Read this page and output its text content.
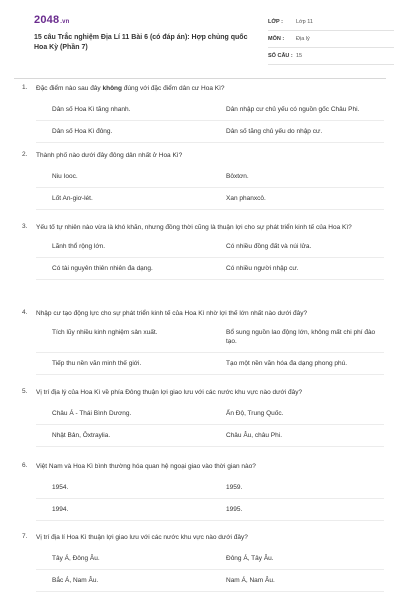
2048.vn
15 câu Trắc nghiệm Địa Lí 11 Bài 6 (có đáp án): Hợp chủng quốc Hoa Kỳ (Phần 7)
LỚP :	Lớp 11
MÔN :	Địa lý
SỐ CÂU : 15
1. Đặc điểm nào sau đây không đúng với đặc điểm dân cư Hoa Kì?
Dân số Hoa Kì tăng nhanh.	Dân nhập cư chủ yếu có nguồn gốc Châu Phi.
Dân số Hoa Kì đông.	Dân số tăng chủ yếu do nhập cư.
2. Thành phố nào dưới đây đông dân nhất ở Hoa Kì?
Niu Iooc.	Bôxtơn.
Lốt An-giơ-lét.	Xan phanxcô.
3. Yếu tố tự nhiên nào vừa là khó khăn, nhưng đồng thời cũng là thuận lợi cho sự phát triển kinh tế của Hoa Kì?
Lãnh thổ rộng lớn.	Có nhiều đồng đất và núi lửa.
Có tài nguyên thiên nhiên đa dạng.	Có nhiều người nhập cư.
4. Nhập cư tạo động lực cho sự phát triển kinh tế của Hoa Kì nhờ lợi thế lớn nhất nào dưới đây?
Tích lũy nhiều kinh nghiệm sản xuất.	Bổ sung nguồn lao động lớn, không mất chi phí đào tạo.
Tiếp thu nền văn minh thế giới.	Tạo một nền văn hóa đa dạng phong phú.
5. Vị trí địa lý của Hoa Kì về phía Đông thuận lợi giao lưu với các nước khu vực nào dưới đây?
Châu Á - Thái Bình Dương.	Ấn Độ, Trung Quốc.
Nhật Bản, Ôxtraylia.	Châu Âu, châu Phi.
6. Việt Nam và Hoa Kì bình thường hóa quan hệ ngoại giao vào thời gian nào?
1954.	1959.
1994.	1995.
7. Vị trí địa lí Hoa Kì thuận lợi giao lưu với các nước khu vực nào dưới đây?
Tây Á, Đông Âu.	Đông Á, Tây Âu.
Bắc Á, Nam Âu.	Nam Á, Nam Âu.
